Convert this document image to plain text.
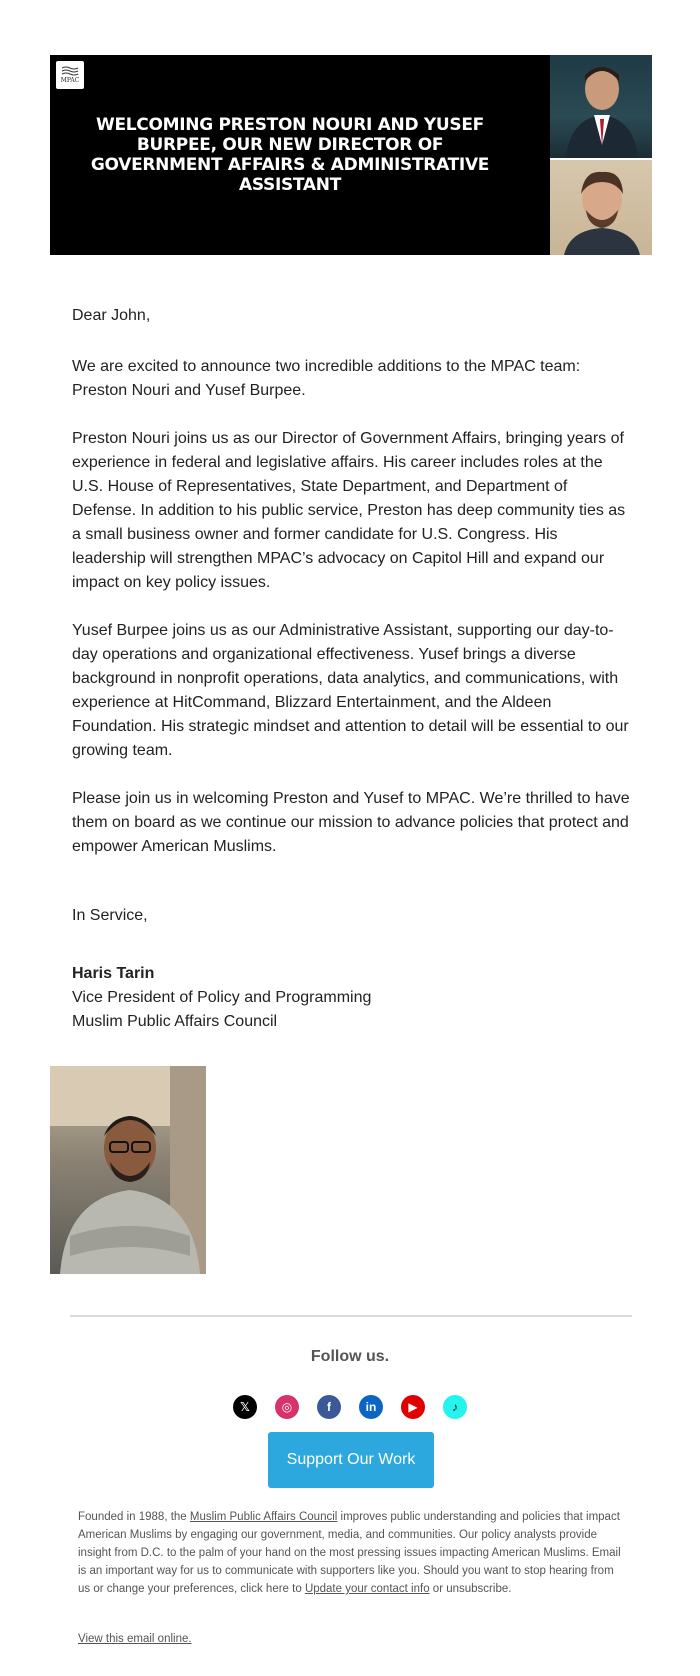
MPAC
WELCOMING PRESTON NOURI AND YUSEF BURPEE, OUR NEW DIRECTOR OF GOVERNMENT AFFAIRS & ADMINISTRATIVE ASSISTANT

Dear John,

We are excited to announce two incredible additions to the MPAC team: Preston Nouri and Yusef Burpee.

Preston Nouri joins us as our Director of Government Affairs, bringing years of experience in federal and legislative affairs. His career includes roles at the U.S. House of Representatives, State Department, and Department of Defense. In addition to his public service, Preston has deep community ties as a small business owner and former candidate for U.S. Congress. His leadership will strengthen MPAC’s advocacy on Capitol Hill and expand our impact on key policy issues.

Yusef Burpee joins us as our Administrative Assistant, supporting our day-to-day operations and organizational effectiveness. Yusef brings a diverse background in nonprofit operations, data analytics, and communications, with experience at HitCommand, Blizzard Entertainment, and the Aldeen Foundation. His strategic mindset and attention to detail will be essential to our growing team.

Please join us in welcoming Preston and Yusef to MPAC. We’re thrilled to have them on board as we continue our mission to advance policies that protect and empower American Muslims.

In Service,

Haris Tarin

Vice President of Policy and Programming

Muslim Public Affairs Council

Follow us.
𝕏	◎	f	in	▶	♪
Support Our Work
Founded in 1988, the Muslim Public Affairs Council improves public understanding and policies that impact American Muslims by engaging our government, media, and communities. Our policy analysts provide insight from D.C. to the palm of your hand on the most pressing issues impacting American Muslims. Email is an important way for us to communicate with supporters like you. Should you want to stop hearing from us or change your preferences, click here to Update your contact info or unsubscribe.
View this email online.
